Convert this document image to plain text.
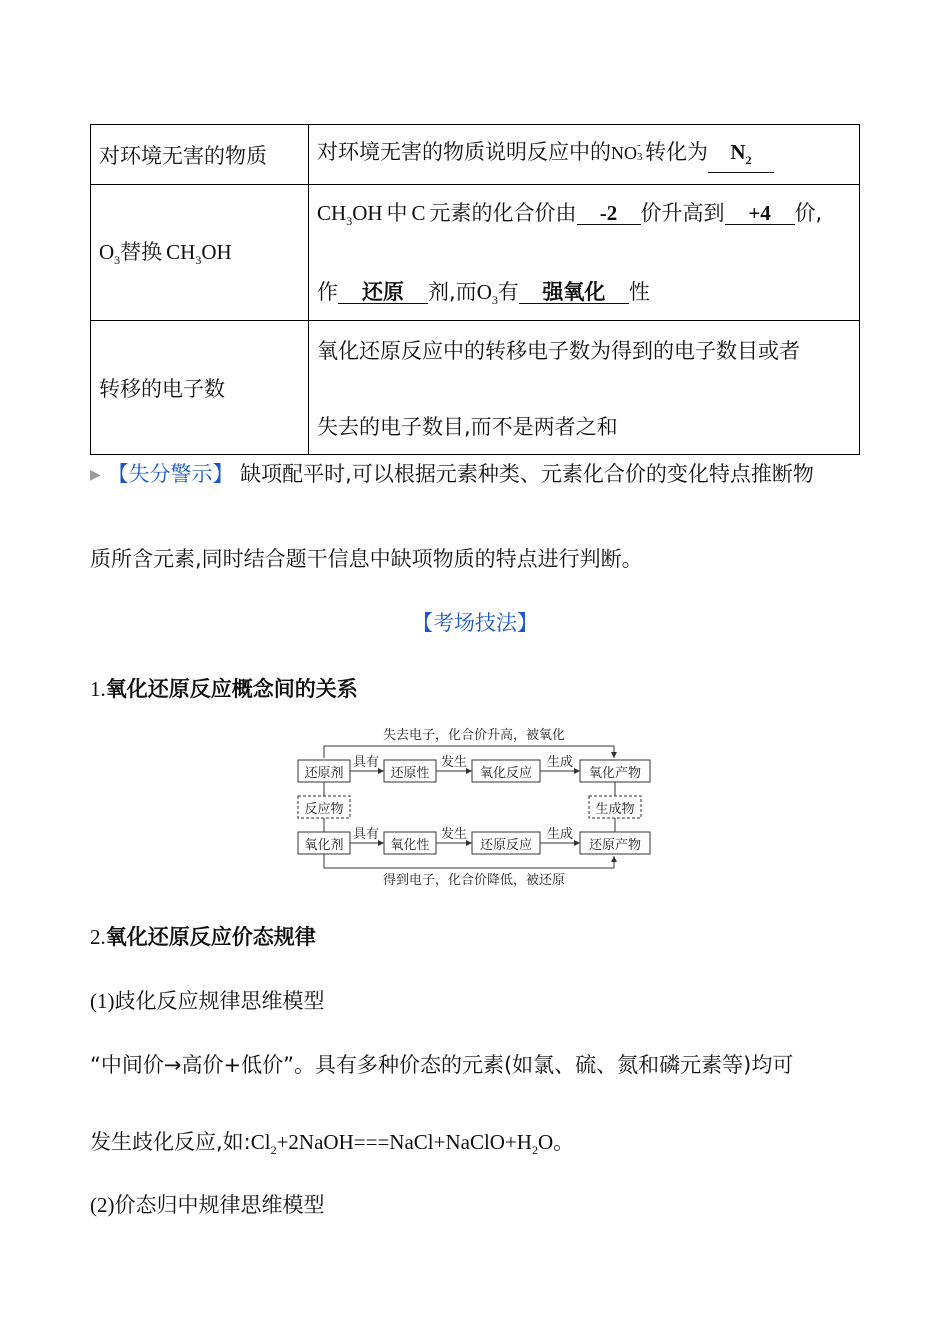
对环境无害的物质	对环境无害的物质说明反应中的NO -
3 转化为 $N_2$

$O_3$替换 $CH_3OH$	$CH_3OH$ 中 C 元素的化合价由 -2 价升高到 +4 价,
作 还原 剂,而$O_3$有 强氧化 性

转移的电子数	氧化还原反应中的转移电子数为得到的电子数目或者
失去的电子数目,而不是两者之和
▶ 【失分警示】 缺项配平时,可以根据元素种类、元素化合价的变化特点推断物
质所含元素,同时结合题干信息中缺项物质的特点进行判断。
【考场技法】
1.氧化还原反应概念间的关系
失去电子，化合价升高，被氧化
还原剂	还原性	氧化反应	氧化产物
具有	发生	生成
反应物	生成物
氧化剂	氧化性	还原反应	还原产物
具有	发生	生成
得到电子，化合价降低，被还原
2.氧化还原反应价态规律
(1)歧化反应规律思维模型
“中间价→高价+低价”。具有多种价态的元素(如氯、硫、氮和磷元素等)均可
发生歧化反应,如$:Cl_2+2NaOH===NaCl+NaClO+H_2O$。
(2)价态归中规律思维模型
